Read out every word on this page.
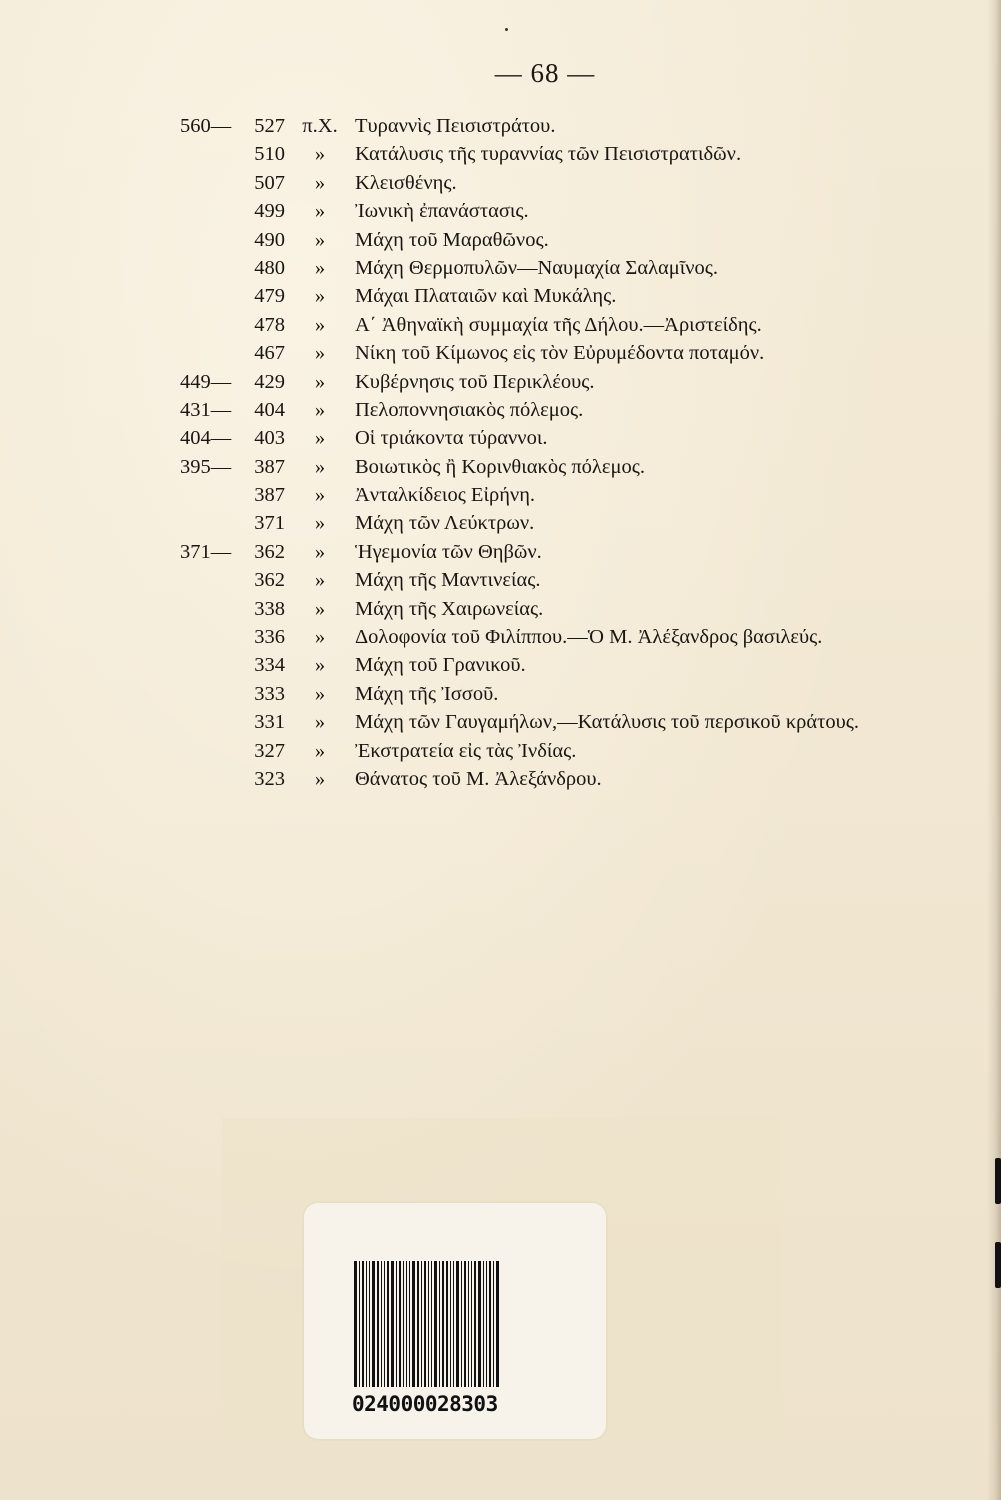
— 68 —
560—	527 π.Χ. Τυραννὶς Πεισιστράτου.
510	»	Κατάλυσις τῆς τυραννίας τῶν Πεισιστρατιδῶν.
507	»	Κλεισθένης.
499	»	Ἰωνικὴ ἐπανάστασις.
490	»	Μάχη τοῦ Μαραθῶνος.
480	»	Μάχη Θερμοπυλῶν—Ναυμαχία Σαλαμῖνος.
479	»	Μάχαι Πλαταιῶν καὶ Μυκάλης.
478	»	Α΄ Ἀθηναϊκὴ συμμαχία τῆς Δήλου.—Ἀριστείδης.
467	»	Νίκη τοῦ Κίμωνος εἰς τὸν Εὐρυμέδοντα ποταμόν.
449—	429	»	Κυβέρνησις τοῦ Περικλέους.
431—	404	»	Πελοποννησιακὸς πόλεμος.
404—	403	»	Οἱ τριάκοντα τύραννοι.
395—	387	»	Βοιωτικὸς ἢ Κορινθιακὸς πόλεμος.
387	»	Ἀνταλκίδειος Εἰρήνη.
371	»	Μάχη τῶν Λεύκτρων.
371—	362	»	Ἡγεμονία τῶν Θηβῶν.
362	»	Μάχη τῆς Μαντινείας.
338	»	Μάχη τῆς Χαιρωνείας.
336	»	Δολοφονία τοῦ Φιλίππου.—Ὁ Μ. Ἀλέξανδρος βασιλεύς.
334	»	Μάχη τοῦ Γρανικοῦ.
333	»	Μάχη τῆς Ἰσσοῦ.
331	»	Μάχη τῶν Γαυγαμήλων,—Κατάλυσις τοῦ περσικοῦ κράτους.
327	»	Ἐκστρατεία εἰς τὰς Ἰνδίας.
323	»	Θάνατος τοῦ Μ. Ἀλεξάνδρου.
024000028303
